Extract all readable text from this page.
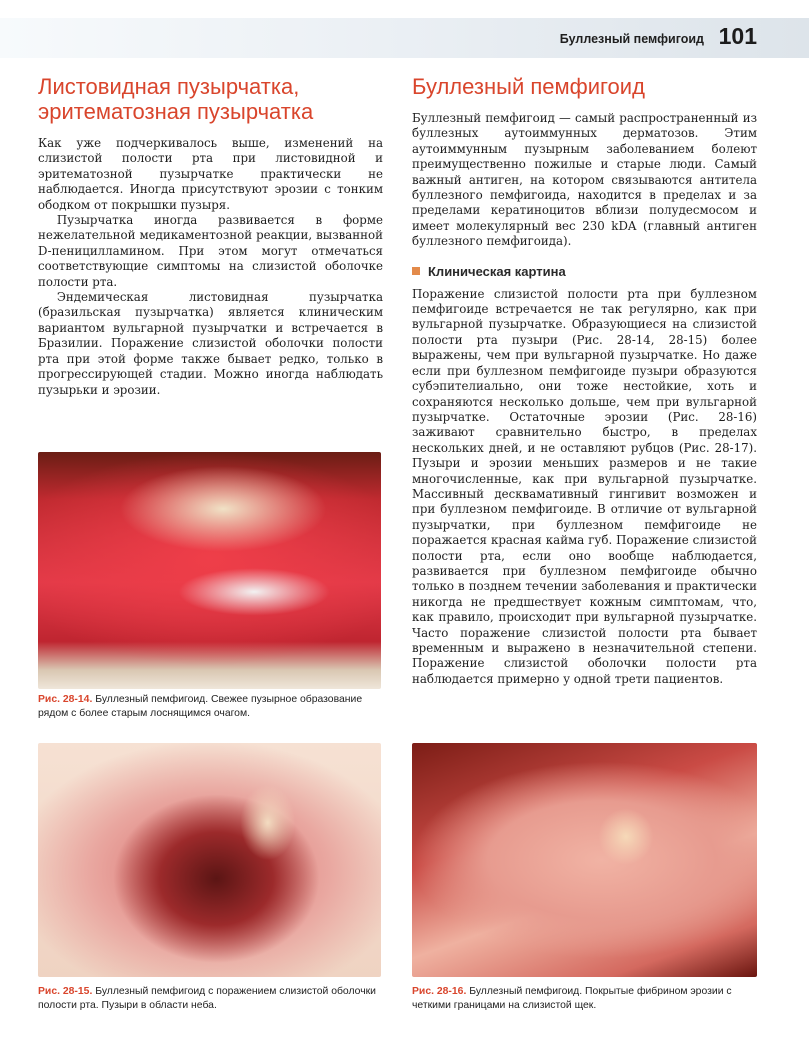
Буллезный пемфигоид 101
Листовидная пузырчатка,
эритематозная пузырчатка

Как уже подчеркивалось выше, изменений на слизистой полости рта при листовидной и эритематозной пузырчатке практически не наблюдается. Иногда присутствуют эрозии с тонким ободком от покрышки пузыря.

Пузырчатка иногда развивается в форме нежелательной медикаментозной реакции, вызванной D-пеницилламином. При этом могут отмечаться соответствующие симптомы на слизистой оболочке полости рта.

Эндемическая листовидная пузырчатка (бразильская пузырчатка) является клиническим вариантом вульгарной пузырчатки и встречается в Бразилии. Поражение слизистой оболочки полости рта при этой форме также бывает редко, только в прогрессирующей стадии. Можно иногда наблюдать пузырьки и эрозии.

Буллезный пемфигоид

Буллезный пемфигоид — самый распространенный из буллезных аутоиммунных дерматозов. Этим аутоиммунным пузырным заболеванием болеют преимущественно пожилые и старые люди. Самый важный антиген, на котором связываются антитела буллезного пемфигоида, находится в пределах и за пределами кератиноцитов вблизи полудесмосом и имеет молекулярный вес 230 kDA (главный антиген буллезного пемфигоида).

Клиническая картина

Поражение слизистой полости рта при буллезном пемфигоиде встречается не так регулярно, как при вульгарной пузырчатке. Образующиеся на слизистой полости рта пузыри (Рис. 28-14, 28-15) более выражены, чем при вульгарной пузырчатке. Но даже если при буллезном пемфигоиде пузыри образуются субэпителиально, они тоже нестойкие, хоть и сохраняются несколько дольше, чем при вульгарной пузырчатке. Остаточные эрозии (Рис. 28-16) заживают сравнительно быстро, в пределах нескольких дней, и не оставляют рубцов (Рис. 28-17). Пузыри и эрозии меньших размеров и не такие многочисленные, как при вульгарной пузырчатке. Массивный десквамативный гингивит возможен и при буллезном пемфигоиде. В отличие от вульгарной пузырчатки, при буллезном пемфигоиде не поражается красная кайма губ. Поражение слизистой полости рта, если оно вообще наблюдается, развивается при буллезном пемфигоиде обычно только в позднем течении заболевания и практически никогда не предшествует кожным симптомам, что, как правило, происходит при вульгарной пузырчатке. Часто поражение слизистой полости рта бывает временным и выражено в незначительной степени. Поражение слизистой оболочки полости рта наблюдается примерно у одной трети пациентов.

Рис. 28-14. Буллезный пемфигоид. Свежее пузырное образование рядом с более старым лоснящимся очагом.
Рис. 28-15. Буллезный пемфигоид с поражением слизистой оболочки полости рта. Пузыри в области неба.
Рис. 28-16. Буллезный пемфигоид. Покрытые фибрином эрозии с четкими границами на слизистой щек.
